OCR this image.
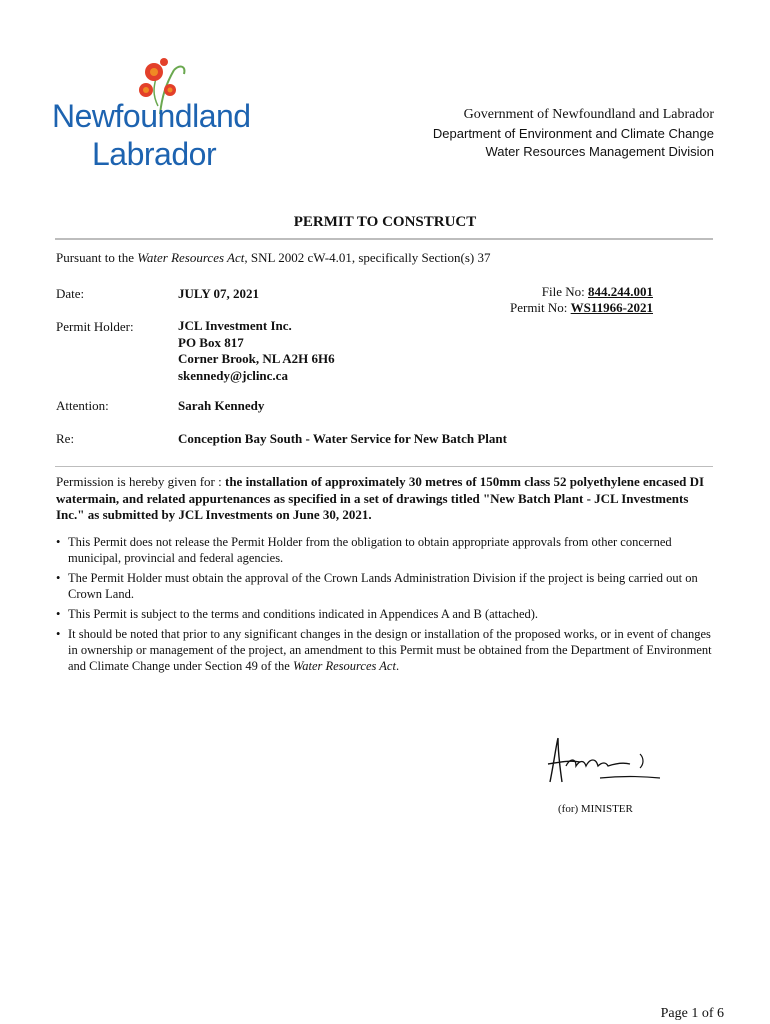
Newfoundland
Labrador
Government of Newfoundland and Labrador
Department of Environment and Climate Change
Water Resources Management Division
PERMIT TO CONSTRUCT
Pursuant to the Water Resources Act, SNL 2002 cW-4.01, specifically Section(s) 37
Date:	JULY 07, 2021	File No: 844.244.001
Permit No: WS11966-2021
Permit Holder:	JCL Investment Inc.
PO Box 817
Corner Brook, NL A2H 6H6
skennedy@jclinc.ca
Attention:	Sarah Kennedy
Re:	Conception Bay South - Water Service for New Batch Plant
Permission is hereby given for : the installation of approximately 30 metres of 150mm class 52 polyethylene encased DI watermain, and related appurtenances as specified in a set of drawings titled "New Batch Plant - JCL Investments Inc." as submitted by JCL Investments on June 30, 2021.
• This Permit does not release the Permit Holder from the obligation to obtain appropriate approvals from other concerned municipal, provincial and federal agencies.
• The Permit Holder must obtain the approval of the Crown Lands Administration Division if the project is being carried out on Crown Land.
• This Permit is subject to the terms and conditions indicated in Appendices A and B (attached).
• It should be noted that prior to any significant changes in the design or installation of the proposed works, or in event of changes in ownership or management of the project, an amendment to this Permit must be obtained from the Department of Environment and Climate Change under Section 49 of the Water Resources Act.
(for) MINISTER
Page 1 of 6
